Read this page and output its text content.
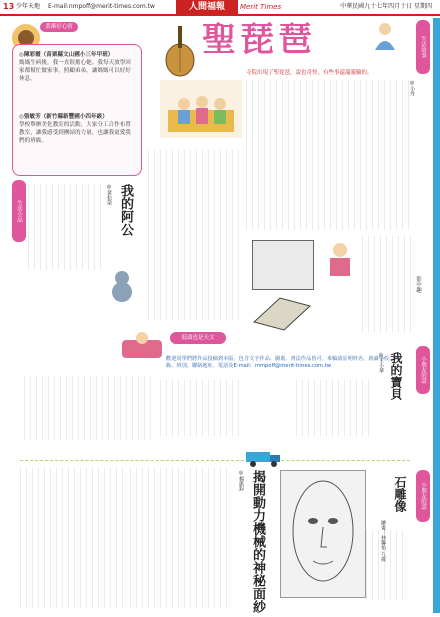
13 少年天地 E-mail:nmpoff@merit-times.com.tw	人間福報	Merit Times	中華民國九十七年四月十日 星期四
黃漸好心情
◎陳彩霞（苗栗縣文山國小三年甲班）
媽媽生病後，我一直很擔心她。我每天放學回家都幫忙做家事，照顧弟弟，讓媽媽可以好好休息。
◎張敏芳（新竹縣新豐國小四年級）
學校舉辦美化教室的活動，大家分工合作布置教室，讓我感受到團結的力量，也讓我更愛我們的班級。
聖琵琶	生活故事
寺院出現了聖琵琶，說也奇怪，有些事還滿靈驗的。
◎小丹
生活小品	我的阿公
◎黃松榮
影中趣
低頭也是天文
歡迎同學們將作品投稿到本版，包含文字作品、圖畫、書法作品皆可。來稿請註明姓名、就讀學校、年級、班別、聯絡地址、電話及E-mail：mmpoff@merit-times.com.tw	小朋友的話
我的寶貝
◎王小華
揭開動力機械的神秘面紗
◎楊凱鈞
小朋友的話
石雕像
繪畫：林馨怡 九歲
